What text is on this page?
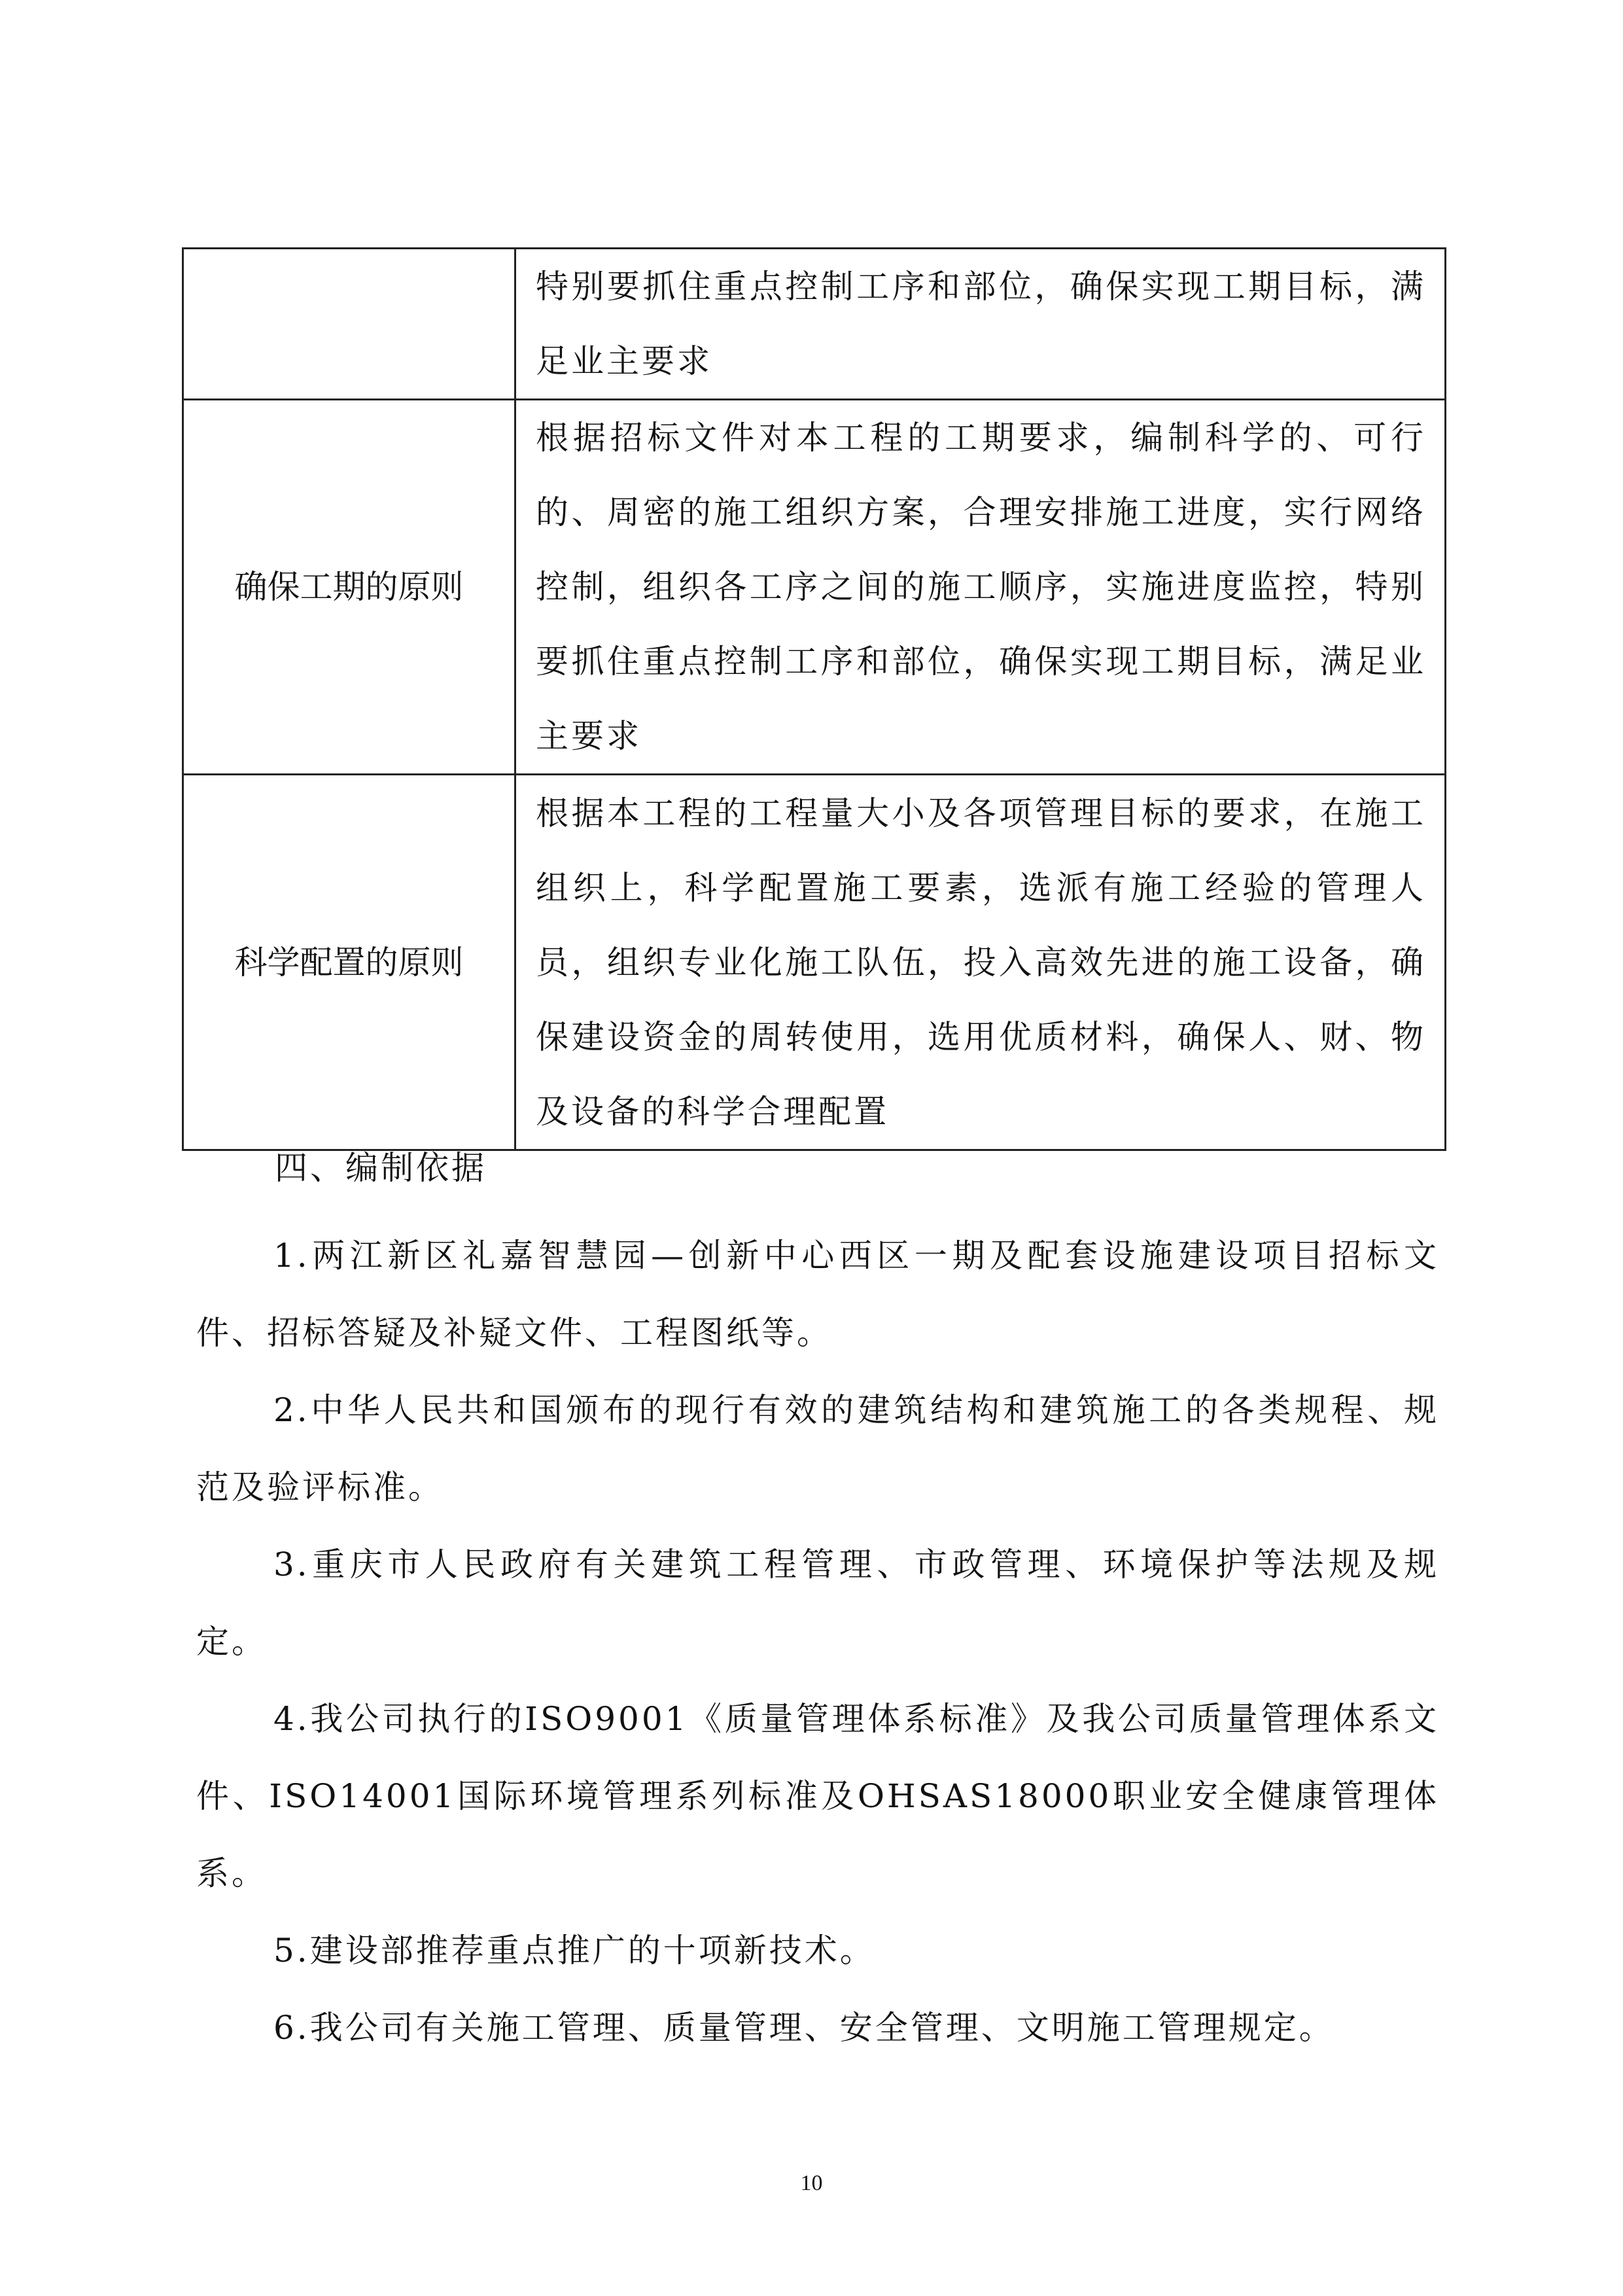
	特别要抓住重点控制工序和部位，确保实现工期目标，满足业主要求

确保工期的原则	根据招标文件对本工程的工期要求，编制科学的、可行的、周密的施工组织方案，合理安排施工进度，实行网络控制，组织各工序之间的施工顺序，实施进度监控，特别要抓住重点控制工序和部位，确保实现工期目标，满足业主要求

科学配置的原则	根据本工程的工程量大小及各项管理目标的要求，在施工组织上，科学配置施工要素，选派有施工经验的管理人员，组织专业化施工队伍，投入高效先进的施工设备，确保建设资金的周转使用，选用优质材料，确保人、财、物及设备的科学合理配置
四、编制依据

1.两江新区礼嘉智慧园—创新中心西区一期及配套设施建设项目招标文件、招标答疑及补疑文件、工程图纸等。

2.中华人民共和国颁布的现行有效的建筑结构和建筑施工的各类规程、规范及验评标准。

3.重庆市人民政府有关建筑工程管理、市政管理、环境保护等法规及规定。

4.我公司执行的ISO9001《质量管理体系标准》及我公司质量管理体系文件、ISO14001国际环境管理系列标准及OHSAS18000职业安全健康管理体系。

5.建设部推荐重点推广的十项新技术。

6.我公司有关施工管理、质量管理、安全管理、文明施工管理规定。

10
